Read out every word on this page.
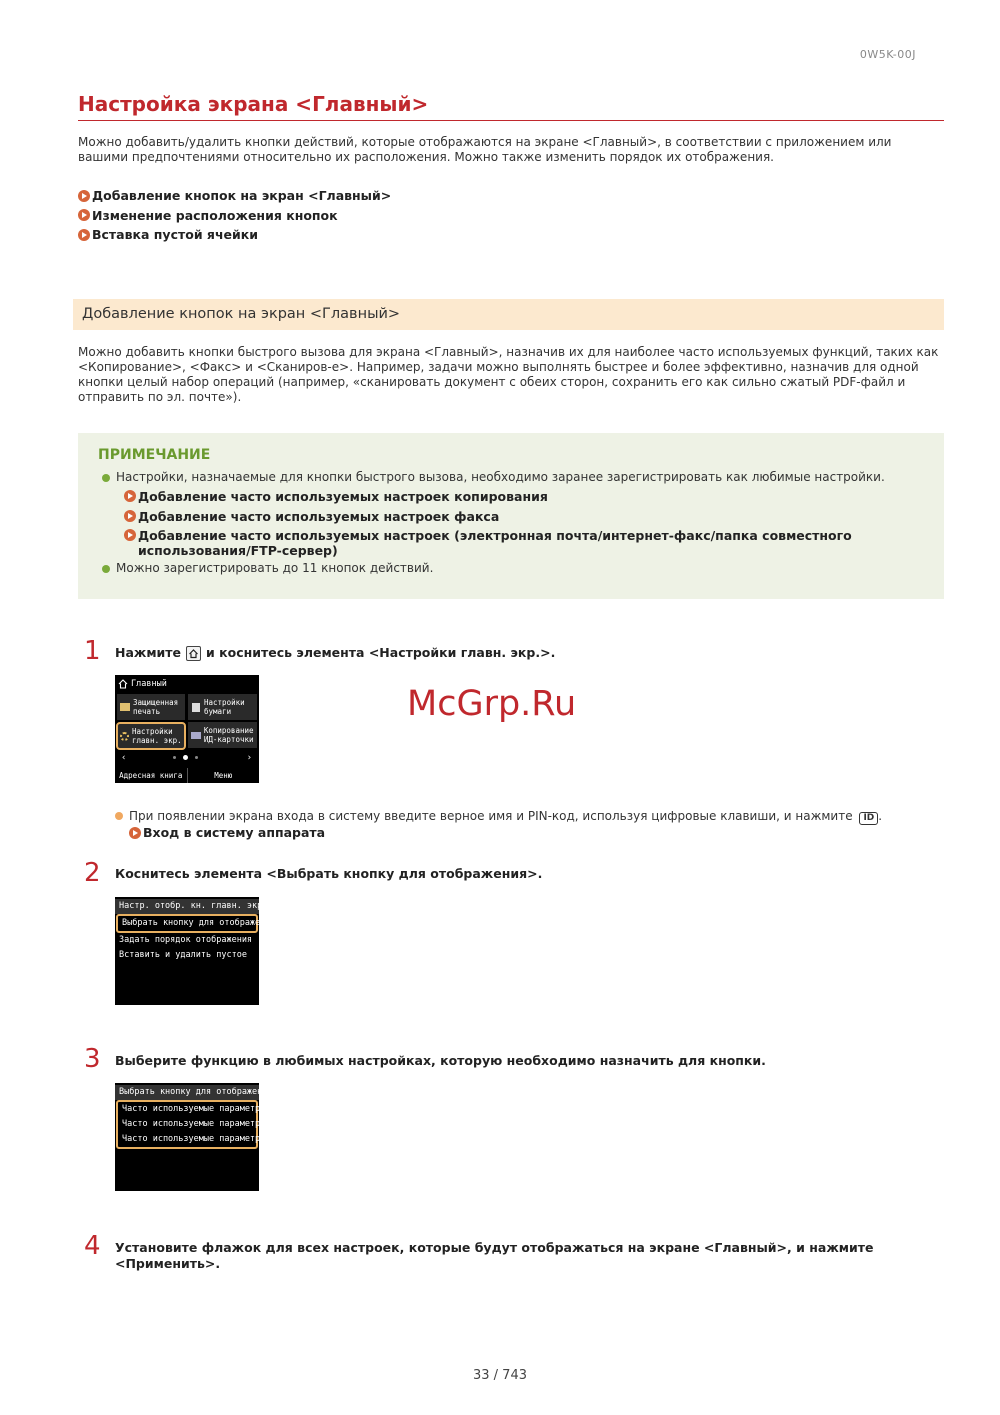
0W5K-00J
Настройка экрана <Главный>

Можно добавить/удалить кнопки действий, которые отображаются на экране <Главный>, в соответствии с приложением или вашими предпочтениями относительно их расположения. Можно также изменить порядок их отображения.

Добавление кнопок на экран <Главный>
Изменение расположения кнопок
Вставка пустой ячейки
Добавление кнопок на экран <Главный>

Можно добавить кнопки быстрого вызова для экрана <Главный>, назначив их для наиболее часто используемых функций, таких как <Копирование>, <Факс> и <Сканиров-е>. Например, задачи можно выполнять быстрее и более эффективно, назначив для одной кнопки целый набор операций (например, «сканировать документ с обеих сторон, сохранить его как сильно сжатый PDF-файл и отправить по эл. почте»).

ПРИМЕЧАНИЕ
Настройки, назначаемые для кнопки быстрого вызова, необходимо заранее зарегистрировать как любимые настройки.
Добавление часто используемых настроек копирования
Добавление часто используемых настроек факса
Добавление часто используемых настроек (электронная почта/интернет-факс/папка совместного использования/FTP-сервер)
Можно зарегистрировать до 11 кнопок действий.
1 Нажмите и коснитесь элемента <Настройки главн. экр.>.
Главный
Защищенная печать
Настройки бумаги
Настройки главн. экр.
Копирование ИД-карточки
‹	›
Адресная книга	Меню
McGrp.Ru
При появлении экрана входа в систему введите верное имя и PIN-код, используя цифровые клавиши, и нажмите ID .
Вход в систему аппарата
2 Коснитесь элемента <Выбрать кнопку для отображения>.

Настр. отобр. кн. главн. экр.
Выбрать кнопку для отображения
Задать порядок отображения
Вставить и удалить пустое
3 Выберите функцию в любимых настройках, которую необходимо назначить для кнопки.

Выбрать кнопку для отображения
Часто используемые параметры к
Часто используемые параметры ф
Часто используемые параметры с
4 Установите флажок для всех настроек, которые будут отображаться на экране <Главный>, и нажмите <Применить>.

33 / 743
